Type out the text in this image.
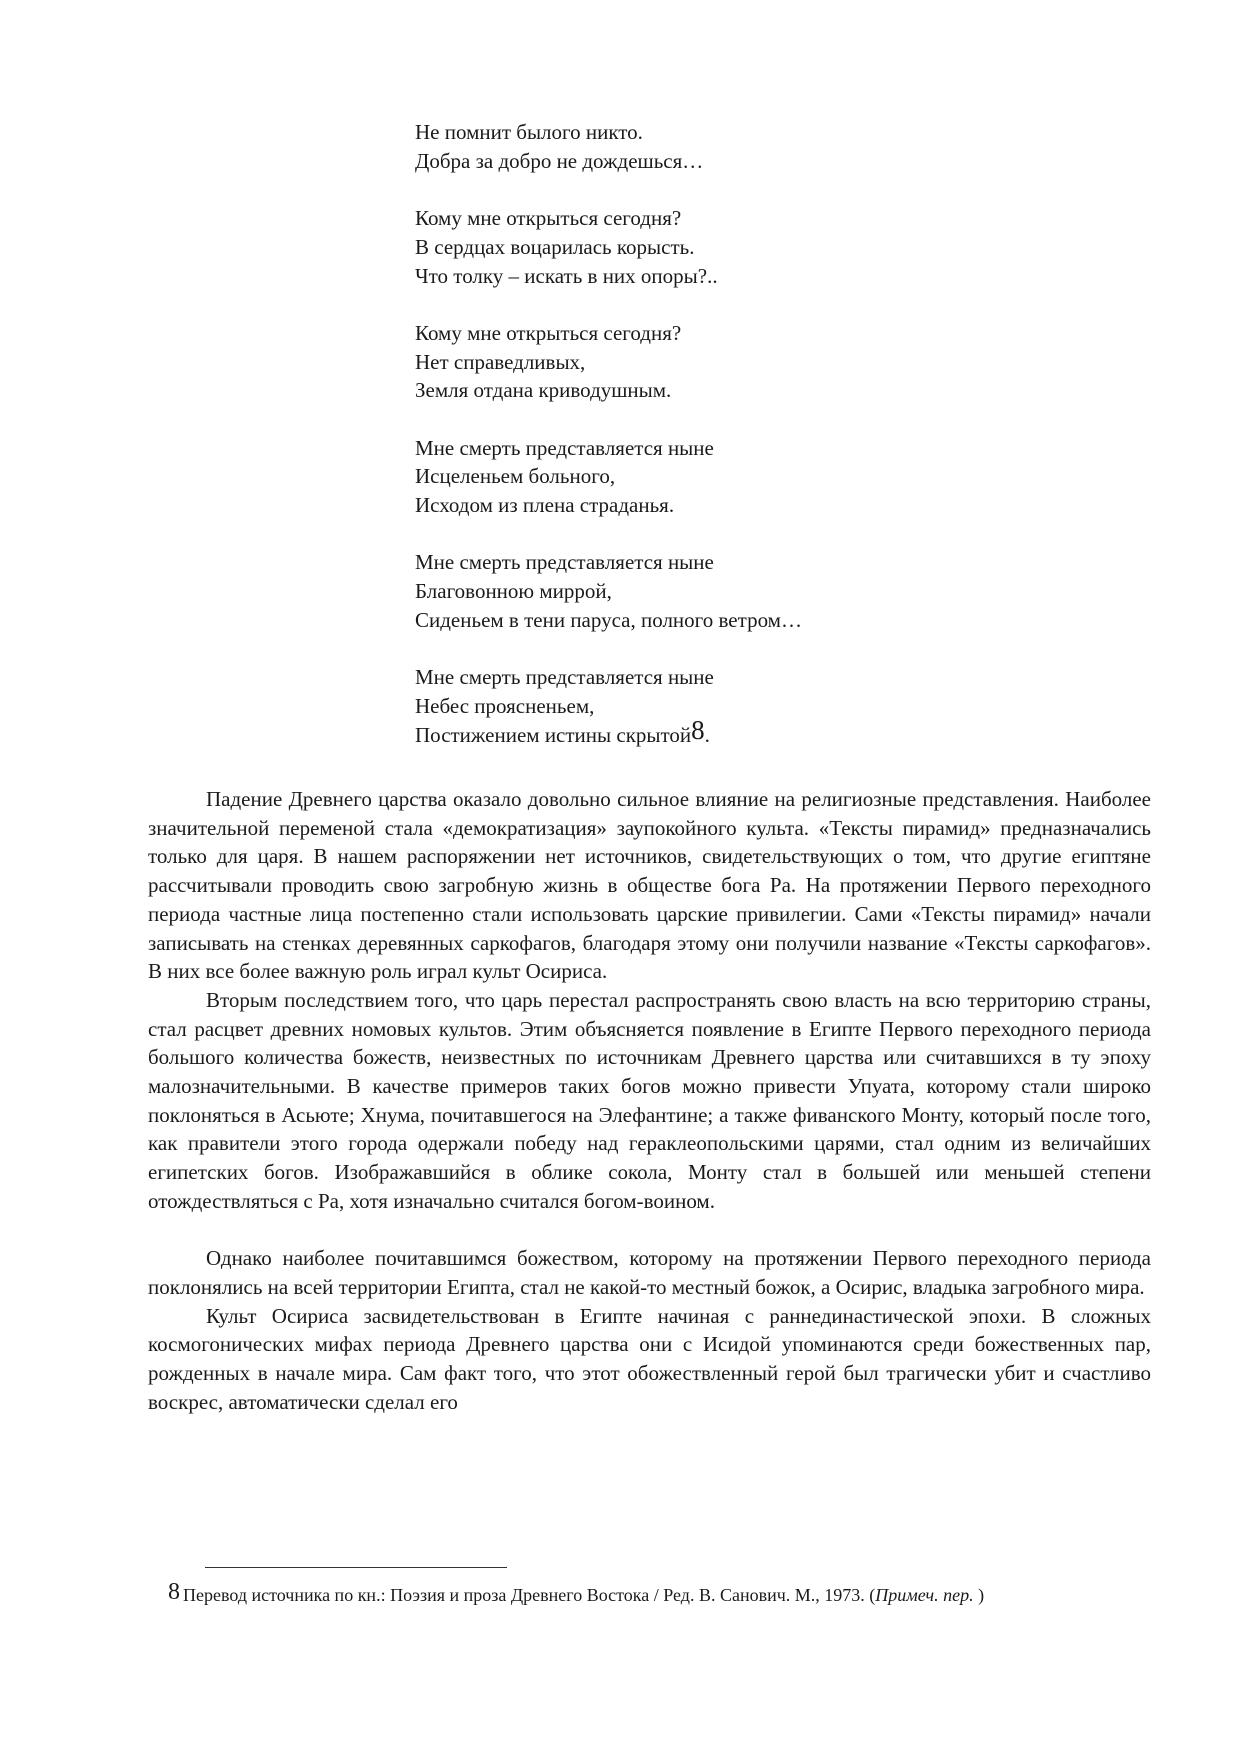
Не помнит былого никто.
Добра за добро не дождешься…
Кому мне открыться сегодня?
В сердцах воцарилась корысть.
Что толку – искать в них опоры?..
Кому мне открыться сегодня?
Нет справедливых,
Земля отдана криводушным.
Мне смерть представляется ныне
Исцеленьем больного,
Исходом из плена страданья.
Мне смерть представляется ныне
Благовонною миррой,
Сиденьем в тени паруса, полного ветром…
Мне смерть представляется ныне
Небес проясненьем,
Постижением истины скрытой8.

Падение Древнего царства оказало довольно сильное влияние на религиозные представления. Наиболее значительной переменой стала «демократизация» заупокойного культа. «Тексты пирамид» предназначались только для царя. В нашем распоряжении нет источников, свидетельствующих о том, что другие египтяне рассчитывали проводить свою загробную жизнь в обществе бога Ра. На протяжении Первого переходного периода частные лица постепенно стали использовать царские привилегии. Сами «Тексты пирамид» начали записывать на стенках деревянных саркофагов, благодаря этому они получили название «Тексты саркофагов». В них все более важную роль играл культ Осириса.

Вторым последствием того, что царь перестал распространять свою власть на всю территорию страны, стал расцвет древних номовых культов. Этим объясняется появление в Египте Первого переходного периода большого количества божеств, неизвестных по источникам Древнего царства или считавшихся в ту эпоху малозначительными. В качестве примеров таких богов можно привести Упуата, которому стали широко поклоняться в Асьюте; Хнума, почитавшегося на Элефантине; а также фиванского Монту, который после того, как правители этого города одержали победу над гераклеопольскими царями, стал одним из величайших египетских богов. Изображавшийся в облике сокола, Монту стал в большей или меньшей степени отождествляться с Ра, хотя изначально считался богом-воином.

Однако наиболее почитавшимся божеством, которому на протяжении Первого переходного периода поклонялись на всей территории Египта, стал не какой-то местный божок, а Осирис, владыка загробного мира.

Культ Осириса засвидетельствован в Египте начиная с раннединастической эпохи. В сложных космогонических мифах периода Древнего царства они с Исидой упоминаются среди божественных пар, рожденных в начале мира. Сам факт того, что этот обожествленный герой был трагически убит и счастливо воскрес, автоматически сделал его

8 Перевод источника по кн.: Поэзия и проза Древнего Востока / Ред. В. Санович. М., 1973. (Примеч. пер. )
